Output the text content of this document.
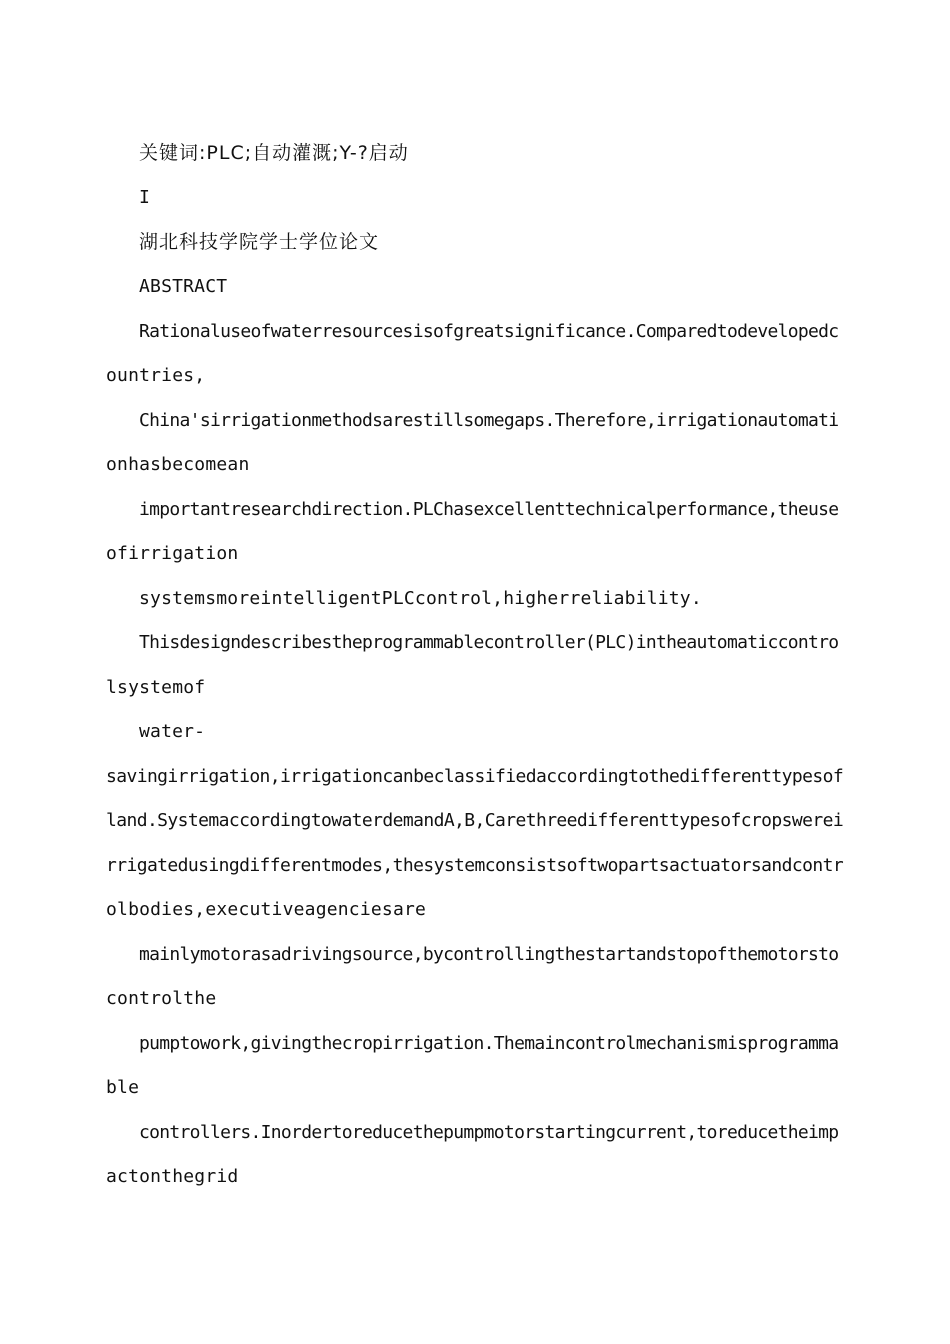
关键词:PLC;自动灌溉;Y-?启动
I
湖北科技学院学士学位论文
ABSTRACT
Rationaluseofwaterresourcesisofgreatsignificance.Comparedtodevelopedc
ountries,
China'sirrigationmethodsarestillsomegaps.Therefore,irrigationautomati
onhasbecomean
importantresearchdirection.PLChasexcellenttechnicalperformance,theuse
ofirrigation
systemsmoreintelligentPLCcontrol,higherreliability.
Thisdesigndescribestheprogrammablecontroller(PLC)intheautomaticcontro
lsystemof
water-
savingirrigation,irrigationcanbeclassifiedaccordingtothedifferenttypesof
land.SystemaccordingtowaterdemandA,B,Carethreedifferenttypesofcropswerei
rrigatedusingdifferentmodes,thesystemconsistsoftwopartsactuatorsandcontr
olbodies,executiveagenciesare
mainlymotorasadrivingsource,bycontrollingthestartandstopofthemotorsto
controlthe
pumptowork,givingthecropirrigation.Themaincontrolmechanismisprogramma
ble
controllers.Inordertoreducethepumpmotorstartingcurrent,toreducetheimp
actonthegrid
